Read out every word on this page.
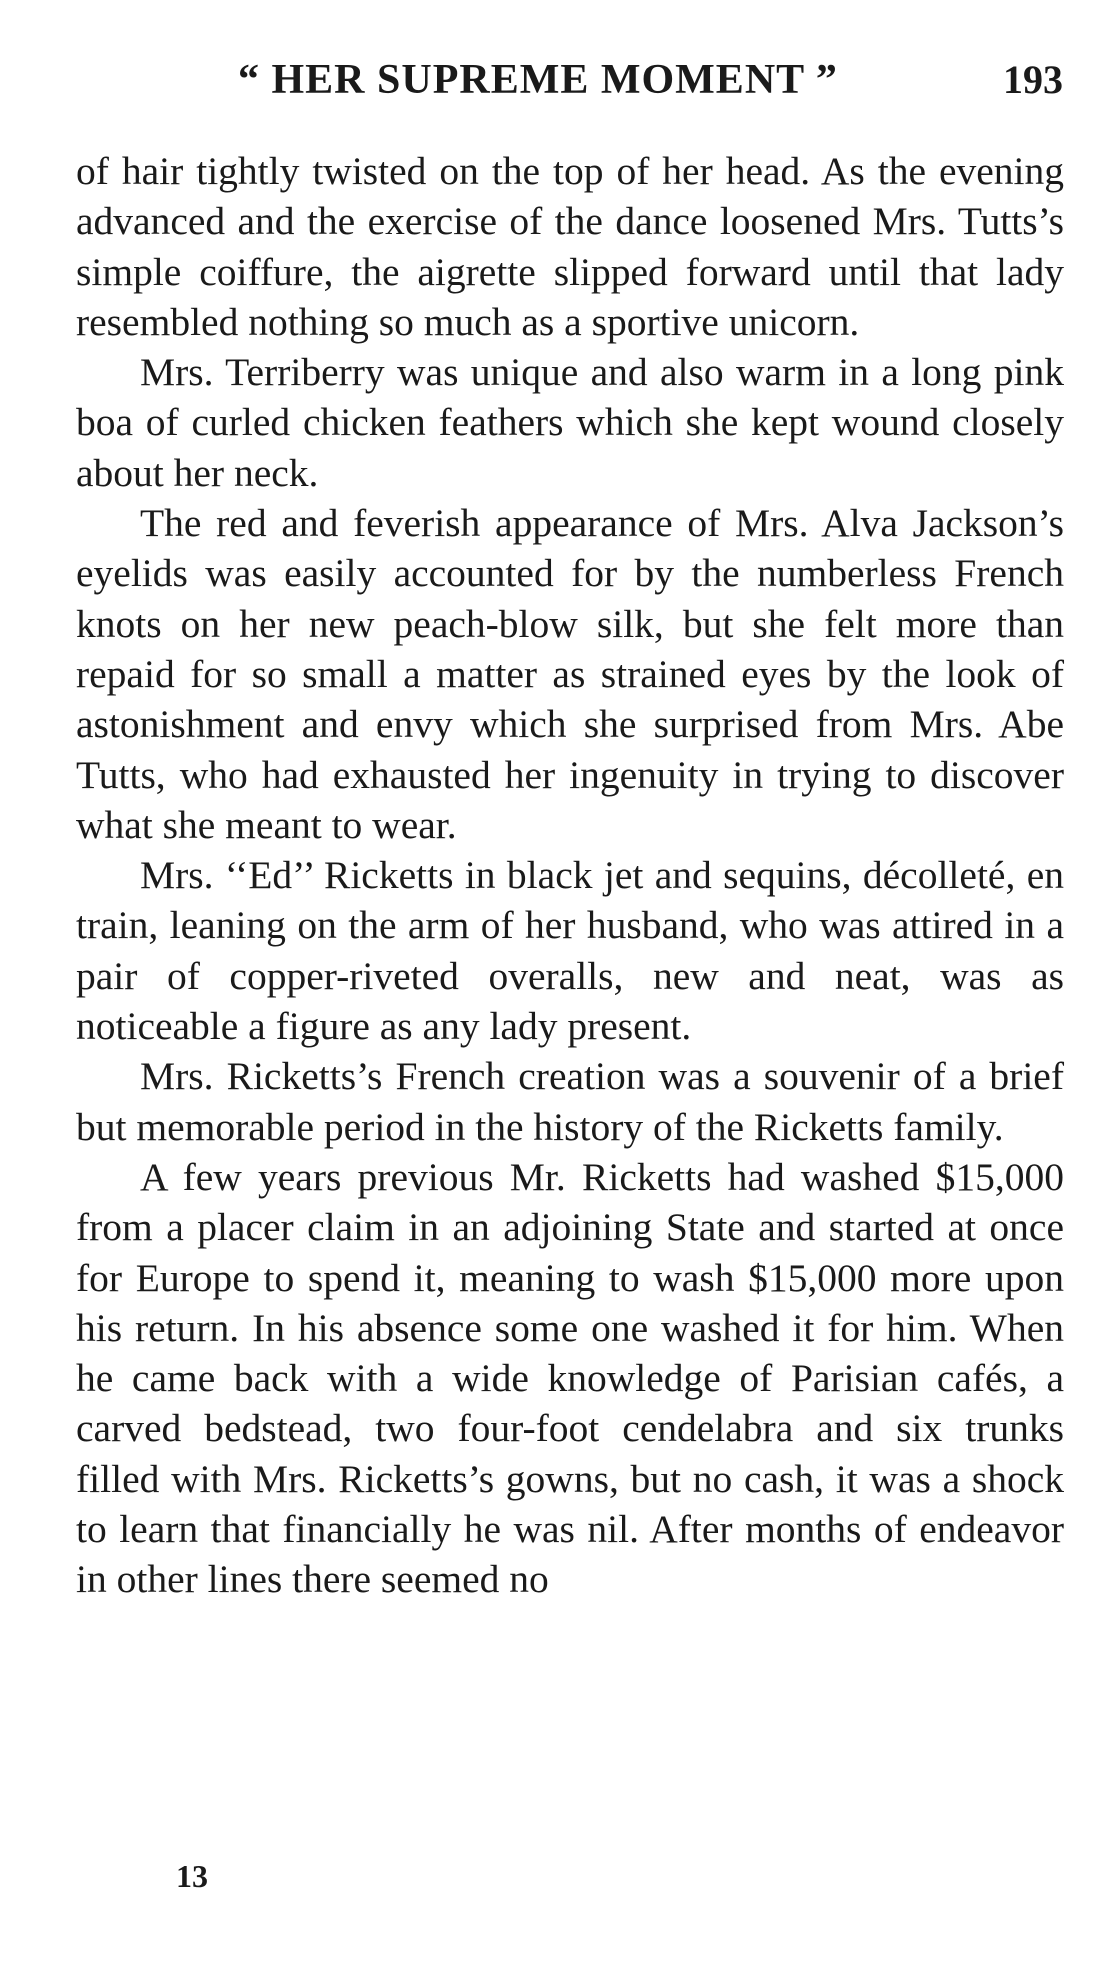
“ HER SUPREME MOMENT ”	193

of hair tightly twisted on the top of her head. As the evening advanced and the exercise of the dance loosened Mrs. Tutts’s simple coiffure, the aigrette slipped forward until that lady resembled nothing so much as a sportive unicorn.

Mrs. Terriberry was unique and also warm in a long pink boa of curled chicken feathers which she kept wound closely about her neck.

The red and feverish appearance of Mrs. Alva Jackson’s eyelids was easily accounted for by the numberless French knots on her new peach-blow silk, but she felt more than repaid for so small a matter as strained eyes by the look of astonishment and envy which she surprised from Mrs. Abe Tutts, who had exhausted her ingenuity in trying to discover what she meant to wear.

Mrs. ‘‘Ed’’ Ricketts in black jet and sequins, décolleté, en train, leaning on the arm of her husband, who was attired in a pair of copper-riveted overalls, new and neat, was as noticeable a figure as any lady present.

Mrs. Ricketts’s French creation was a souvenir of a brief but memorable period in the history of the Ricketts family.

A few years previous Mr. Ricketts had washed $15,000 from a placer claim in an adjoining State and started at once for Europe to spend it, meaning to wash $15,000 more upon his return. In his absence some one washed it for him. When he came back with a wide knowledge of Parisian cafés, a carved bedstead, two four-foot cendelabra and six trunks filled with Mrs. Ricketts’s gowns, but no cash, it was a shock to learn that financially he was nil. After months of endeavor in other lines there seemed no

13
